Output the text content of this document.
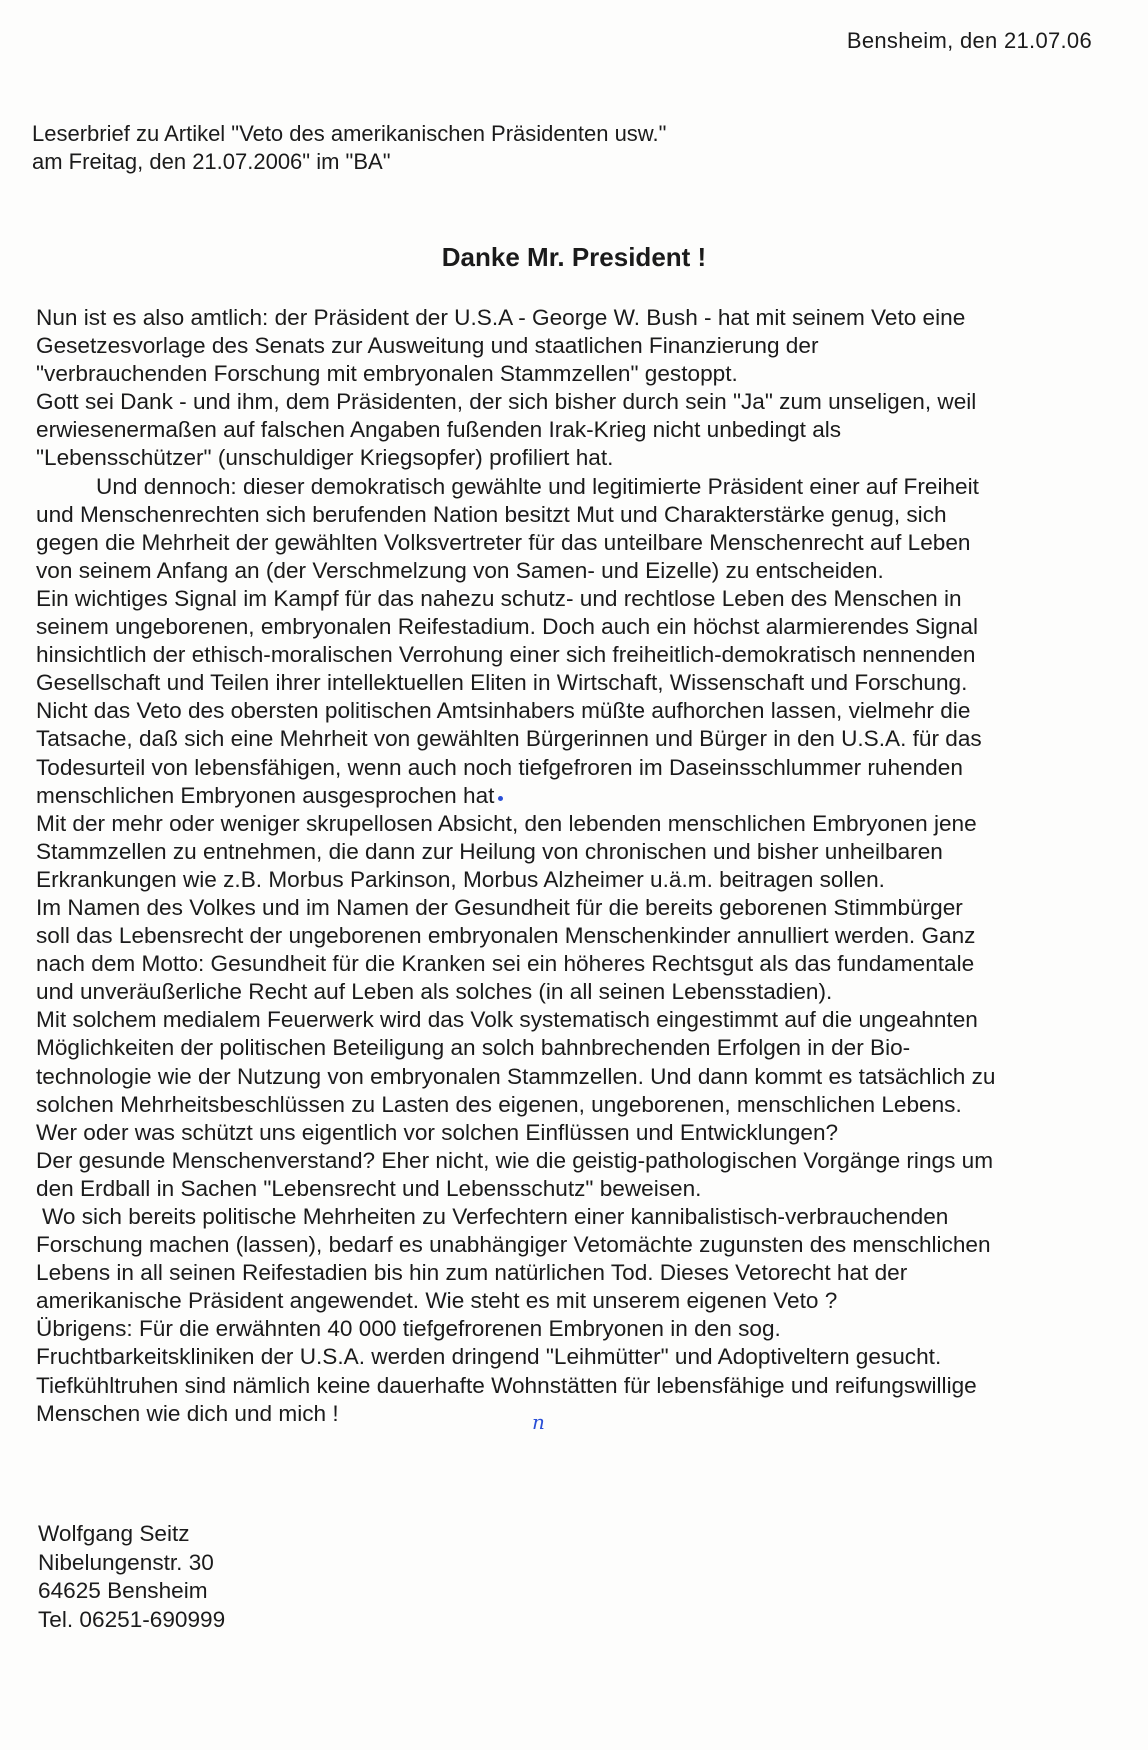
Bensheim, den 21.07.06
Leserbrief zu Artikel "Veto des amerikanischen Präsidenten usw."
am Freitag, den 21.07.2006" im "BA"
Danke Mr. President !
Nun ist es also amtlich: der Präsident der U.S.A - George W. Bush - hat mit seinem Veto eine
Gesetzesvorlage des Senats zur Ausweitung und staatlichen Finanzierung der
"verbrauchenden Forschung mit embryonalen Stammzellen" gestoppt.
Gott sei Dank - und ihm, dem Präsidenten, der sich bisher durch sein "Ja" zum unseligen, weil
erwiesenermaßen auf falschen Angaben fußenden Irak-Krieg nicht unbedingt als
"Lebensschützer" (unschuldiger Kriegsopfer) profiliert hat.
Und dennoch: dieser demokratisch gewählte und legitimierte Präsident einer auf Freiheit
und Menschenrechten sich berufenden Nation besitzt Mut und Charakterstärke genug, sich
gegen die Mehrheit der gewählten Volksvertreter für das unteilbare Menschenrecht auf Leben
von seinem Anfang an (der Verschmelzung von Samen- und Eizelle) zu entscheiden.
Ein wichtiges Signal im Kampf für das nahezu schutz- und rechtlose Leben des Menschen in
seinem ungeborenen, embryonalen Reifestadium. Doch auch ein höchst alarmierendes Signal
hinsichtlich der ethisch-moralischen Verrohung einer sich freiheitlich-demokratisch nennenden
Gesellschaft und Teilen ihrer intellektuellen Eliten in Wirtschaft, Wissenschaft und Forschung.
Nicht das Veto des obersten politischen Amtsinhabers müßte aufhorchen lassen, vielmehr die
Tatsache, daß sich eine Mehrheit von gewählten Bürgerinnen und Bürger in den U.S.A. für das
Todesurteil von lebensfähigen, wenn auch noch tiefgefroren im Daseinsschlummer ruhenden
menschlichen Embryonen ausgesprochen hat
Mit der mehr oder weniger skrupellosen Absicht, den lebenden menschlichen Embryonen jene
Stammzellen zu entnehmen, die dann zur Heilung von chronischen und bisher unheilbaren
Erkrankungen wie z.B. Morbus Parkinson, Morbus Alzheimer u.ä.m. beitragen sollen.
Im Namen des Volkes und im Namen der Gesundheit für die bereits geborenen Stimmbürger
soll das Lebensrecht der ungeborenen embryonalen Menschenkinder annulliert werden. Ganz
nach dem Motto: Gesundheit für die Kranken sei ein höheres Rechtsgut als das fundamentale
und unveräußerliche Recht auf Leben als solches (in all seinen Lebensstadien).
Mit solchem medialem Feuerwerk wird das Volk systematisch eingestimmt auf die ungeahnten
Möglichkeiten der politischen Beteiligung an solch bahnbrechenden Erfolgen in der Bio-
technologie wie der Nutzung von embryonalen Stammzellen. Und dann kommt es tatsächlich zu
solchen Mehrheitsbeschlüssen zu Lasten des eigenen, ungeborenen, menschlichen Lebens.
Wer oder was schützt uns eigentlich vor solchen Einflüssen und Entwicklungen?
Der gesunde Menschenverstand? Eher nicht, wie die geistig-pathologischen Vorgänge rings um
den Erdball in Sachen "Lebensrecht und Lebensschutz" beweisen.
Wo sich bereits politische Mehrheiten zu Verfechtern einer kannibalistisch-verbrauchenden
Forschung machen (lassen), bedarf es unabhängiger Vetomächte zugunsten des menschlichen
Lebens in all seinen Reifestadien bis hin zum natürlichen Tod. Dieses Vetorecht hat der
amerikanische Präsident angewendet. Wie steht es mit unserem eigenen Veto ?
Übrigens: Für die erwähnten 40 000 tiefgefrorenen Embryonen in den sog.
Fruchtbarkeitskliniken der U.S.A. werden dringend "Leihmütter" und Adoptiveltern gesucht.
Tiefkühltruhen sind nämlich keine dauerhafte Wohnstätten für lebensfähige und reifungswillige
Menschen wie dich und mich !	n
Wolfgang Seitz
Nibelungenstr. 30
64625 Bensheim
Tel. 06251-690999
